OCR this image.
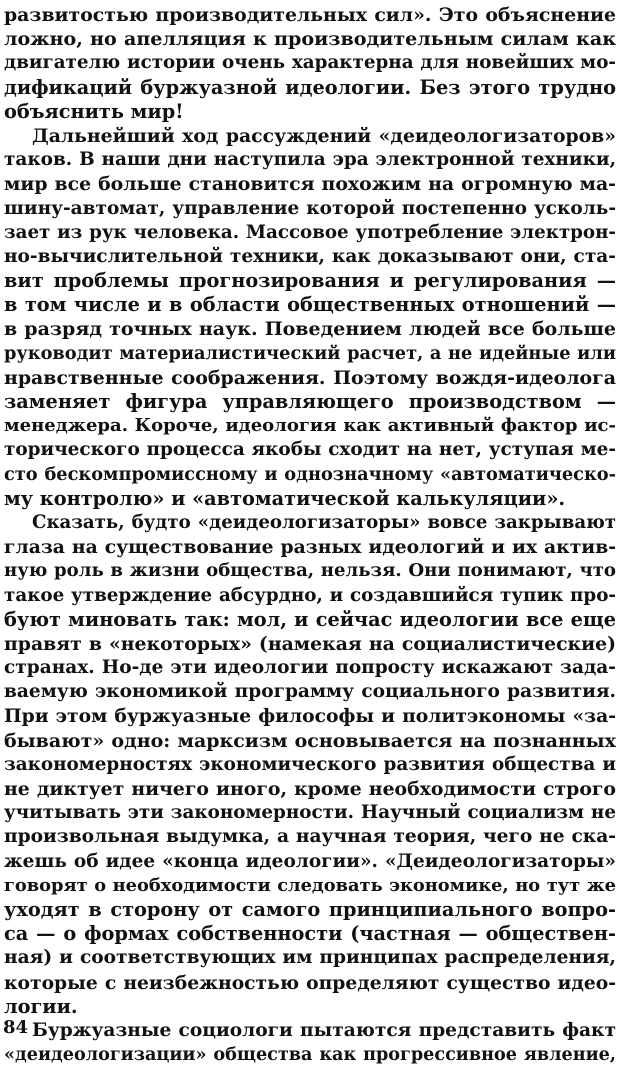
развитостью производительных сил». Это объяснение
ложно, но апелляция к производительным силам как
двигателю истории очень характерна для новейших мо-
дификаций буржуазной идеологии. Без этого трудно
объяснить мир!
Дальнейший ход рассуждений «деидеологизаторов»
таков. В наши дни наступила эра электронной техники,
мир все больше становится похожим на огромную ма-
шину-автомат, управление которой постепенно усколь-
зает из рук человека. Массовое употребление электрон-
но-вычислительной техники, как доказывают они, ста-
вит проблемы прогнозирования и регулирования —
в том числе и в области общественных отношений —
в разряд точных наук. Поведением людей все больше
руководит материалистический расчет, а не идейные или
нравственные соображения. Поэтому вождя-идеолога
заменяет фигура управляющего производством —
менеджера. Короче, идеология как активный фактор ис-
торического процесса якобы сходит на нет, уступая ме-
сто бескомпромиссному и однозначному «автоматическо-
му контролю» и «автоматической калькуляции».
Сказать, будто «деидеологизаторы» вовсе закрывают
глаза на существование разных идеологий и их актив-
ную роль в жизни общества, нельзя. Они понимают, что
такое утверждение абсурдно, и создавшийся тупик про-
буют миновать так: мол, и сейчас идеологии все еще
правят в «некоторых» (намекая на социалистические)
странах. Но-де эти идеологии попросту искажают зада-
ваемую экономикой программу социального развития.
При этом буржуазные философы и политэкономы «за-
бывают» одно: марксизм основывается на познанных
закономерностях экономического развития общества и
не диктует ничего иного, кроме необходимости строго
учитывать эти закономерности. Научный социализм не
произвольная выдумка, а научная теория, чего не ска-
жешь об идее «конца идеологии». «Деидеологизаторы»
говорят о необходимости следовать экономике, но тут же
уходят в сторону от самого принципиального вопро-
са — о формах собственности (частная — обществен-
ная) и соответствующих им принципах распределения,
которые с неизбежностью определяют существо идео-
логии.
Буржуазные социологи пытаются представить факт
«деидеологизации» общества как прогрессивное явление,
84
